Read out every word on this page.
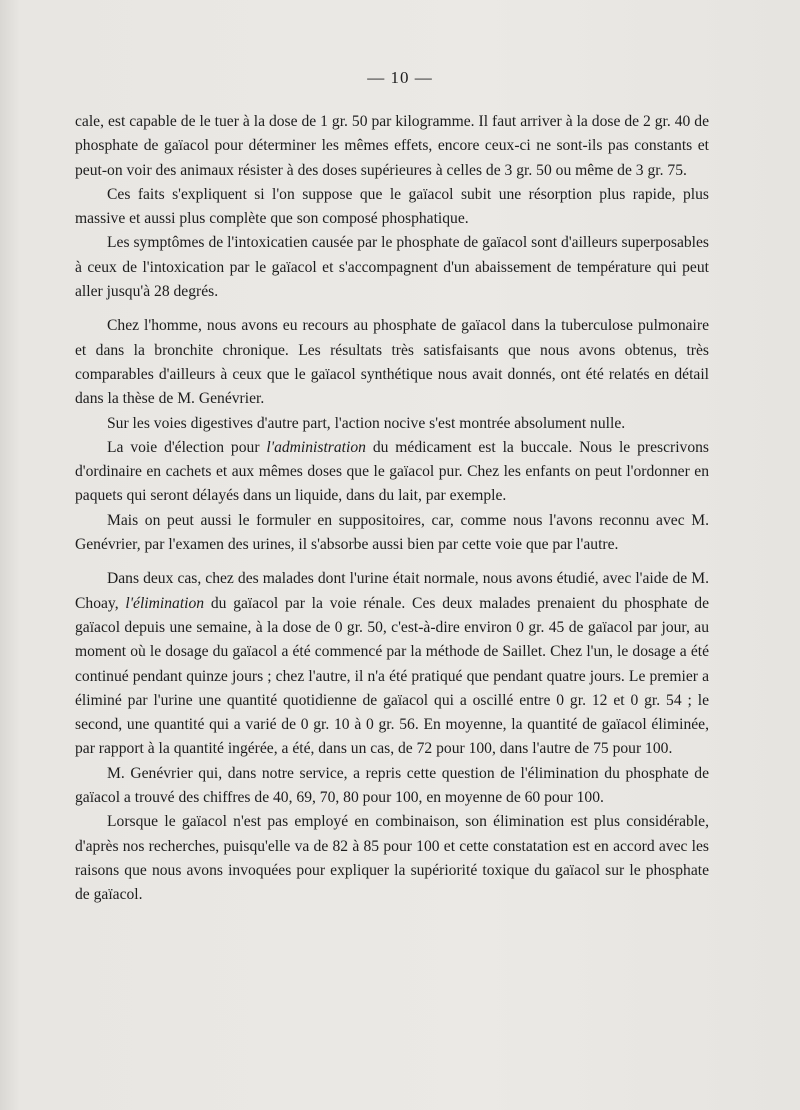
— 10 —

cale, est capable de le tuer à la dose de 1 gr. 50 par kilogramme. Il faut arriver à la dose de 2 gr. 40 de phosphate de gaïacol pour déterminer les mêmes effets, encore ceux-ci ne sont-ils pas constants et peut-on voir des animaux résister à des doses supérieures à celles de 3 gr. 50 ou même de 3 gr. 75.

Ces faits s'expliquent si l'on suppose que le gaïacol subit une résorption plus rapide, plus massive et aussi plus complète que son composé phosphatique.

Les symptômes de l'intoxicatien causée par le phosphate de gaïacol sont d'ailleurs superposables à ceux de l'intoxication par le gaïacol et s'accompagnent d'un abaissement de température qui peut aller jusqu'à 28 degrés.

Chez l'homme, nous avons eu recours au phosphate de gaïacol dans la tuberculose pulmonaire et dans la bronchite chronique. Les résultats très satisfaisants que nous avons obtenus, très comparables d'ailleurs à ceux que le gaïacol synthétique nous avait donnés, ont été relatés en détail dans la thèse de M. Genévrier.

Sur les voies digestives d'autre part, l'action nocive s'est montrée absolument nulle.

La voie d'élection pour l'administration du médicament est la buccale. Nous le prescrivons d'ordinaire en cachets et aux mêmes doses que le gaïacol pur. Chez les enfants on peut l'ordonner en paquets qui seront délayés dans un liquide, dans du lait, par exemple.

Mais on peut aussi le formuler en suppositoires, car, comme nous l'avons reconnu avec M. Genévrier, par l'examen des urines, il s'absorbe aussi bien par cette voie que par l'autre.

Dans deux cas, chez des malades dont l'urine était normale, nous avons étudié, avec l'aide de M. Choay, l'élimination du gaïacol par la voie rénale. Ces deux malades prenaient du phosphate de gaïacol depuis une semaine, à la dose de 0 gr. 50, c'est-à-dire environ 0 gr. 45 de gaïacol par jour, au moment où le dosage du gaïacol a été commencé par la méthode de Saillet. Chez l'un, le dosage a été continué pendant quinze jours ; chez l'autre, il n'a été pratiqué que pendant quatre jours. Le premier a éliminé par l'urine une quantité quotidienne de gaïacol qui a oscillé entre 0 gr. 12 et 0 gr. 54 ; le second, une quantité qui a varié de 0 gr. 10 à 0 gr. 56. En moyenne, la quantité de gaïacol éliminée, par rapport à la quantité ingérée, a été, dans un cas, de 72 pour 100, dans l'autre de 75 pour 100.

M. Genévrier qui, dans notre service, a repris cette question de l'élimination du phosphate de gaïacol a trouvé des chiffres de 40, 69, 70, 80 pour 100, en moyenne de 60 pour 100.

Lorsque le gaïacol n'est pas employé en combinaison, son élimination est plus considérable, d'après nos recherches, puisqu'elle va de 82 à 85 pour 100 et cette constatation est en accord avec les raisons que nous avons invoquées pour expliquer la supériorité toxique du gaïacol sur le phosphate de gaïacol.
